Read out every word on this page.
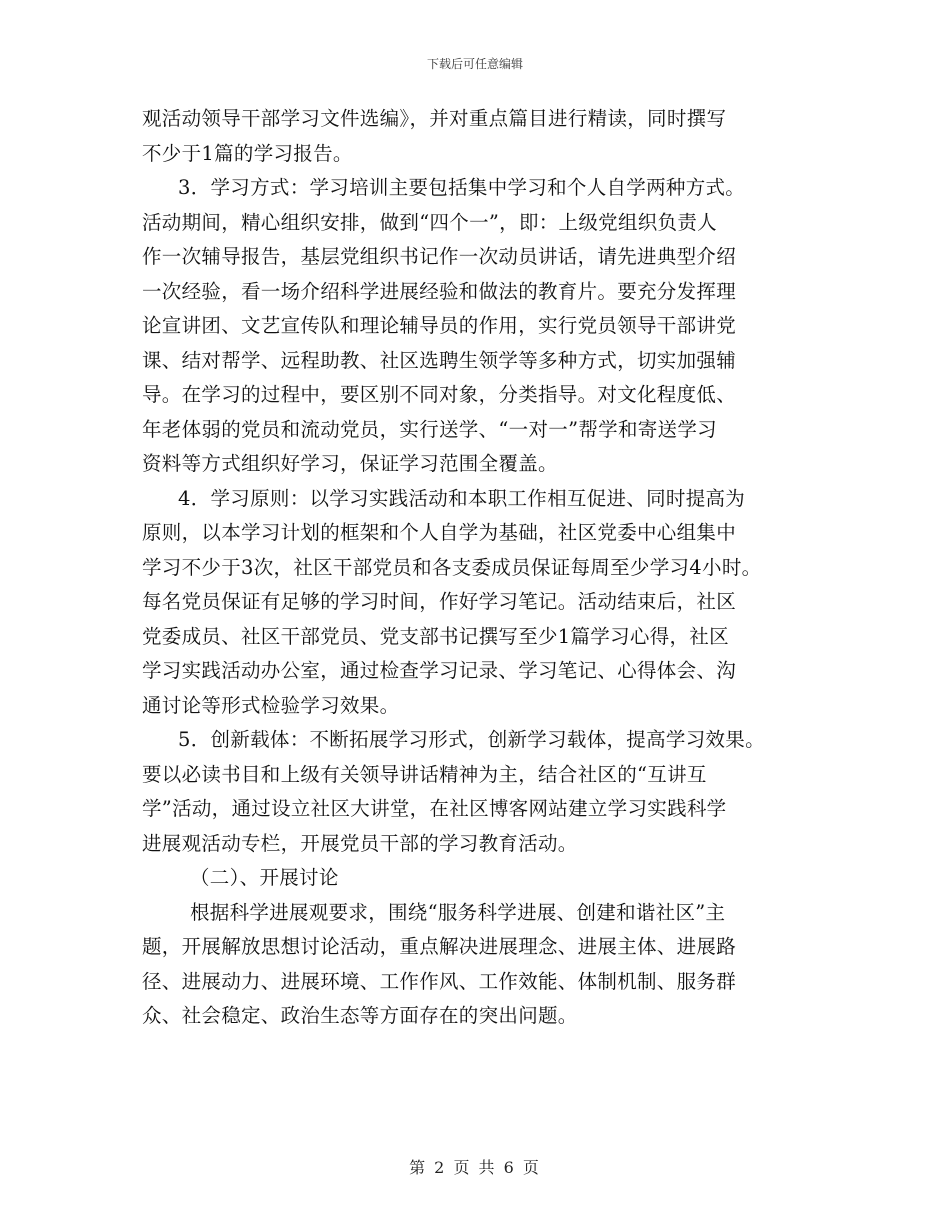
下载后可任意编辑
观活动领导干部学习文件选编》，并对重点篇目进行精读，同时撰写
不少于1篇的学习报告。
3．学习方式：学习培训主要包括集中学习和个人自学两种方式。
活动期间，精心组织安排，做到“四个一”，即：上级党组织负责人
作一次辅导报告，基层党组织书记作一次动员讲话，请先进典型介绍
一次经验，看一场介绍科学进展经验和做法的教育片。要充分发挥理
论宣讲团、文艺宣传队和理论辅导员的作用，实行党员领导干部讲党
课、结对帮学、远程助教、社区选聘生领学等多种方式，切实加强辅
导。在学习的过程中，要区别不同对象，分类指导。对文化程度低、
年老体弱的党员和流动党员，实行送学、“一对一”帮学和寄送学习
资料等方式组织好学习，保证学习范围全覆盖。
4．学习原则：以学习实践活动和本职工作相互促进、同时提高为
原则，以本学习计划的框架和个人自学为基础，社区党委中心组集中
学习不少于3次，社区干部党员和各支委成员保证每周至少学习4小时。
每名党员保证有足够的学习时间，作好学习笔记。活动结束后，社区
党委成员、社区干部党员、党支部书记撰写至少1篇学习心得，社区
学习实践活动办公室，通过检查学习记录、学习笔记、心得体会、沟
通讨论等形式检验学习效果。
5．创新载体：不断拓展学习形式，创新学习载体，提高学习效果。
要以必读书目和上级有关领导讲话精神为主，结合社区的“互讲互
学”活动，通过设立社区大讲堂，在社区博客网站建立学习实践科学
进展观活动专栏，开展党员干部的学习教育活动。
（二）、开展讨论
根据科学进展观要求，围绕“服务科学进展、创建和谐社区”主
题，开展解放思想讨论活动，重点解决进展理念、进展主体、进展路
径、进展动力、进展环境、工作作风、工作效能、体制机制、服务群
众、社会稳定、政治生态等方面存在的突出问题。
第 2 页 共 6 页
